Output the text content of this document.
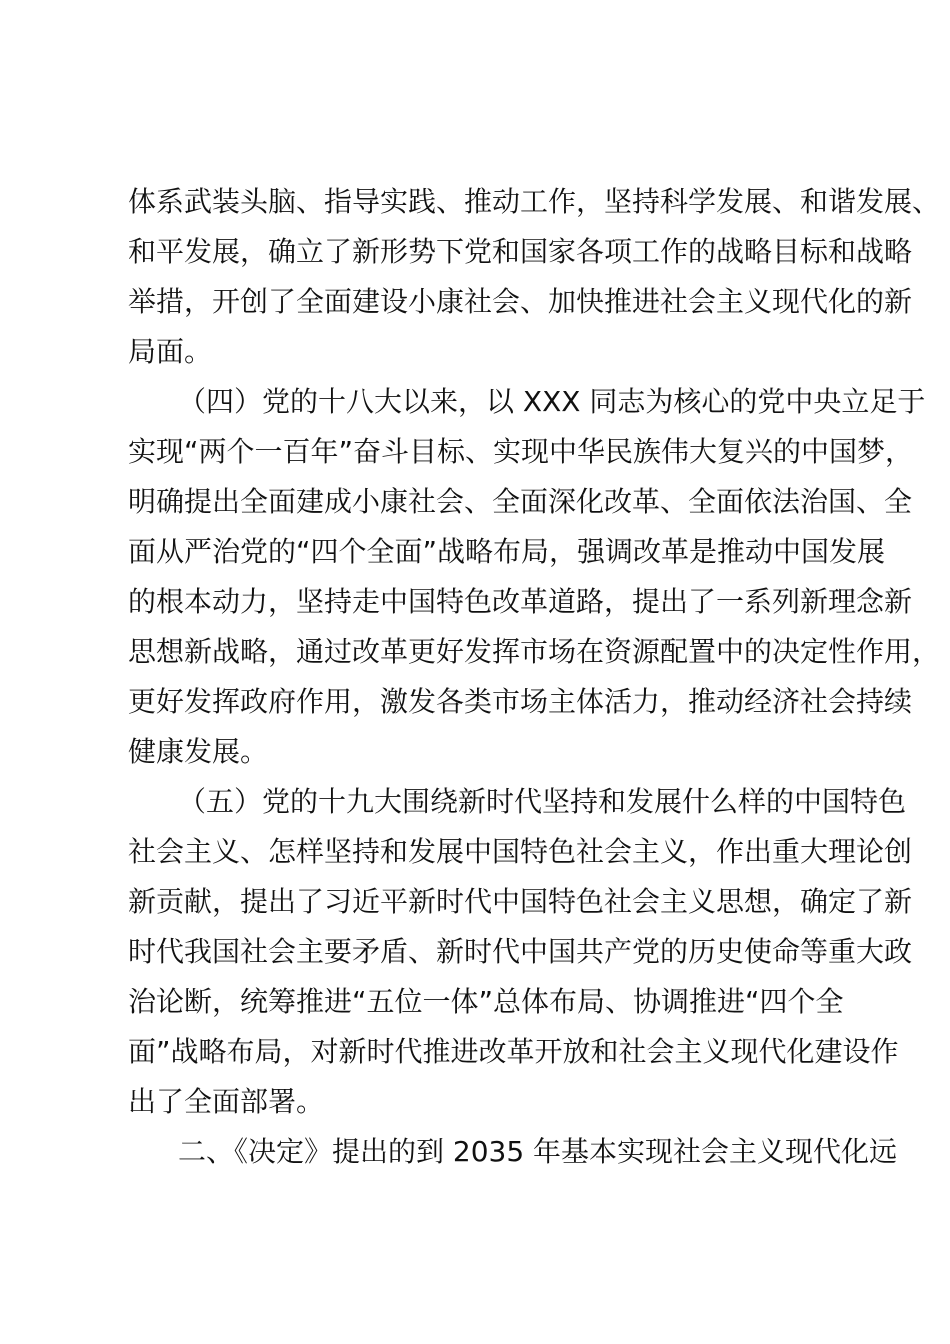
体系武装头脑、指导实践、推动工作，坚持科学发展、和谐发展、
和平发展，确立了新形势下党和国家各项工作的战略目标和战略
举措，开创了全面建设小康社会、加快推进社会主义现代化的新
局面。
（四）党的十八大以来，以 XXX 同志为核心的党中央立足于
实现“两个一百年”奋斗目标、实现中华民族伟大复兴的中国梦，
明确提出全面建成小康社会、全面深化改革、全面依法治国、全
面从严治党的“四个全面”战略布局，强调改革是推动中国发展
的根本动力，坚持走中国特色改革道路，提出了一系列新理念新
思想新战略，通过改革更好发挥市场在资源配置中的决定性作用，
更好发挥政府作用，激发各类市场主体活力，推动经济社会持续
健康发展。
（五）党的十九大围绕新时代坚持和发展什么样的中国特色
社会主义、怎样坚持和发展中国特色社会主义，作出重大理论创
新贡献，提出了习近平新时代中国特色社会主义思想，确定了新
时代我国社会主要矛盾、新时代中国共产党的历史使命等重大政
治论断，统筹推进“五位一体”总体布局、协调推进“四个全
面”战略布局，对新时代推进改革开放和社会主义现代化建设作
出了全面部署。
二、《决定》提出的到 2035 年基本实现社会主义现代化远
